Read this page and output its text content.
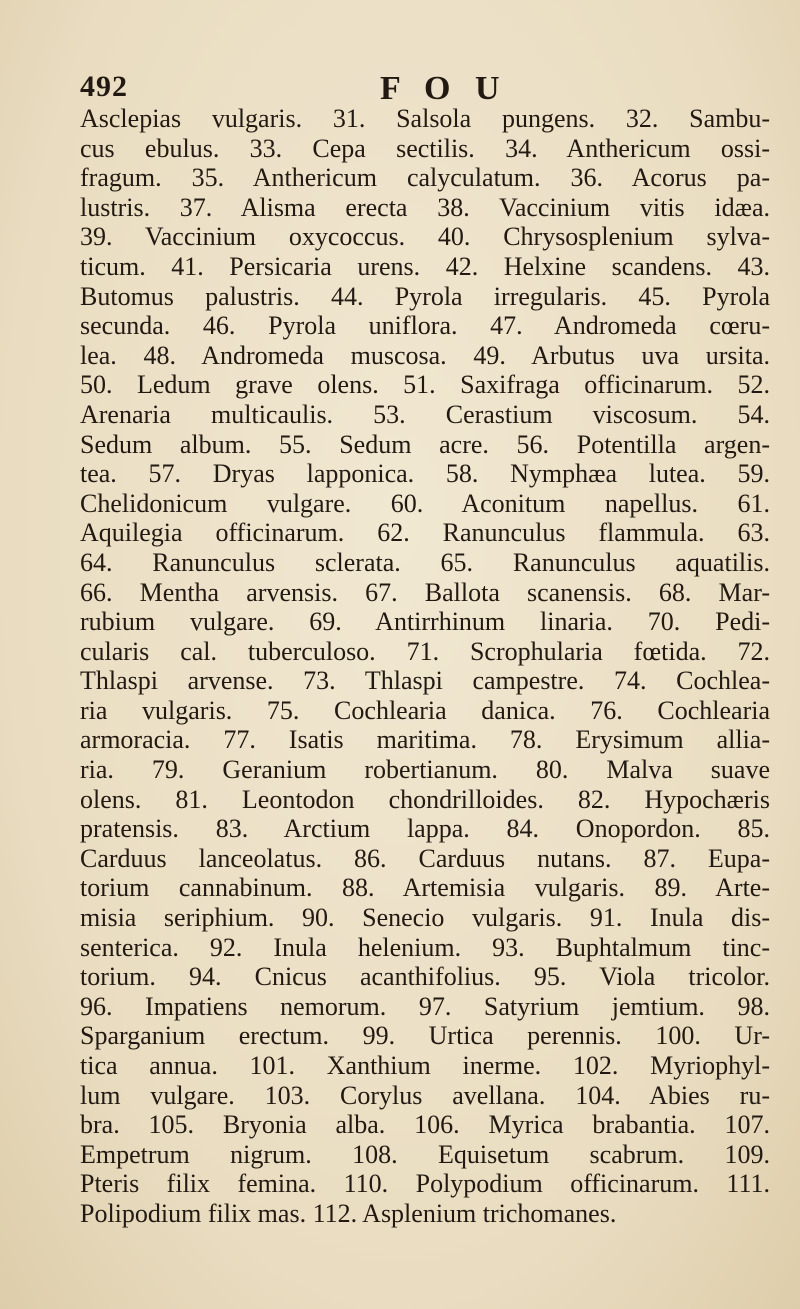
492	F O U
Asclepias vulgaris. 31. Salsola pungens. 32. Sambu-
cus ebulus. 33. Cepa sectilis. 34. Anthericum ossi-
fragum. 35. Anthericum calyculatum. 36. Acorus pa-
lustris. 37. Alisma erecta 38. Vaccinium vitis idæa.
39. Vaccinium oxycoccus. 40. Chrysosplenium sylva-
ticum. 41. Persicaria urens. 42. Helxine scandens. 43.
Butomus palustris. 44. Pyrola irregularis. 45. Pyrola
secunda. 46. Pyrola uniflora. 47. Andromeda cœru-
lea. 48. Andromeda muscosa. 49. Arbutus uva ursita.
50. Ledum grave olens. 51. Saxifraga officinarum. 52.
Arenaria multicaulis. 53. Cerastium viscosum. 54.
Sedum album. 55. Sedum acre. 56. Potentilla argen-
tea. 57. Dryas lapponica. 58. Nymphæa lutea. 59.
Chelidonicum vulgare. 60. Aconitum napellus. 61.
Aquilegia officinarum. 62. Ranunculus flammula. 63.
64. Ranunculus sclerata. 65. Ranunculus aquatilis.
66. Mentha arvensis. 67. Ballota scanensis. 68. Mar-
rubium vulgare. 69. Antirrhinum linaria. 70. Pedi-
cularis cal. tuberculoso. 71. Scrophularia fœtida. 72.
Thlaspi arvense. 73. Thlaspi campestre. 74. Cochlea-
ria vulgaris. 75. Cochlearia danica. 76. Cochlearia
armoracia. 77. Isatis maritima. 78. Erysimum allia-
ria. 79. Geranium robertianum. 80. Malva suave
olens. 81. Leontodon chondrilloides. 82. Hypochæris
pratensis. 83. Arctium lappa. 84. Onopordon. 85.
Carduus lanceolatus. 86. Carduus nutans. 87. Eupa-
torium cannabinum. 88. Artemisia vulgaris. 89. Arte-
misia seriphium. 90. Senecio vulgaris. 91. Inula dis-
senterica. 92. Inula helenium. 93. Buphtalmum tinc-
torium. 94. Cnicus acanthifolius. 95. Viola tricolor.
96. Impatiens nemorum. 97. Satyrium jemtium. 98.
Sparganium erectum. 99. Urtica perennis. 100. Ur-
tica annua. 101. Xanthium inerme. 102. Myriophyl-
lum vulgare. 103. Corylus avellana. 104. Abies ru-
bra. 105. Bryonia alba. 106. Myrica brabantia. 107.
Empetrum nigrum. 108. Equisetum scabrum. 109.
Pteris filix femina. 110. Polypodium officinarum. 111.
Polipodium filix mas. 112. Asplenium trichomanes.
